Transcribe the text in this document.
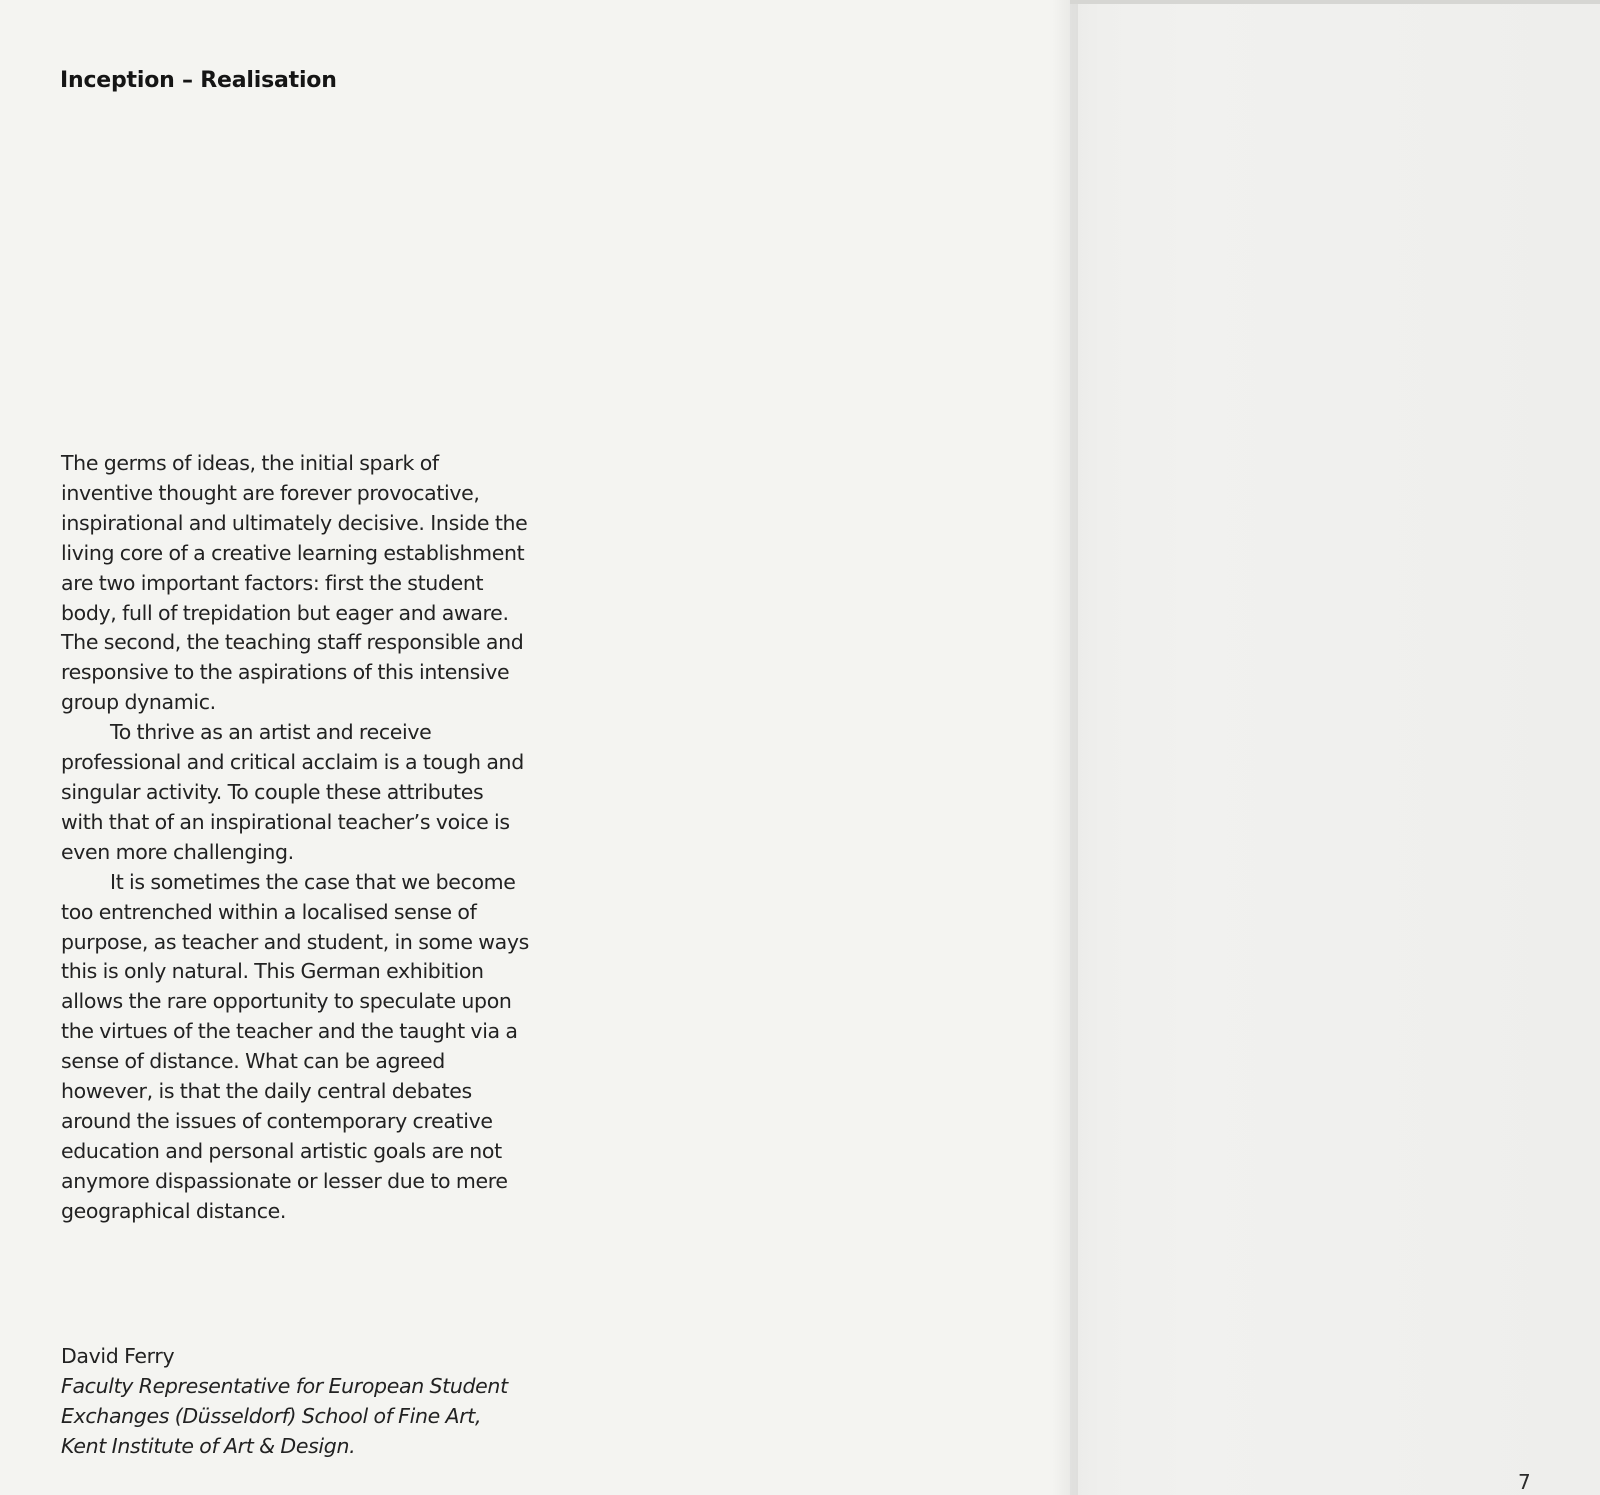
Inception – Realisation

The germs of ideas, the initial spark of inventive thought are forever provocative, inspirational and ultimately decisive. Inside the living core of a creative learning establishment are two important factors: first the student body, full of trepidation but eager and aware. The second, the teaching staff responsible and responsive to the aspirations of this intensive group dynamic.

To thrive as an artist and receive professional and critical acclaim is a tough and singular activity. To couple these attributes with that of an inspirational teacher’s voice is even more challenging.

It is sometimes the case that we become too entrenched within a localised sense of purpose, as teacher and student, in some ways this is only natural. This German exhibition allows the rare opportunity to speculate upon the virtues of the teacher and the taught via a sense of distance. What can be agreed however, is that the daily central debates around the issues of contemporary creative education and personal artistic goals are not anymore dispassionate or lesser due to mere geographical distance.

David Ferry

Faculty Representative for European Student

Exchanges (Düsseldorf) School of Fine Art,

Kent Institute of Art & Design.

7
